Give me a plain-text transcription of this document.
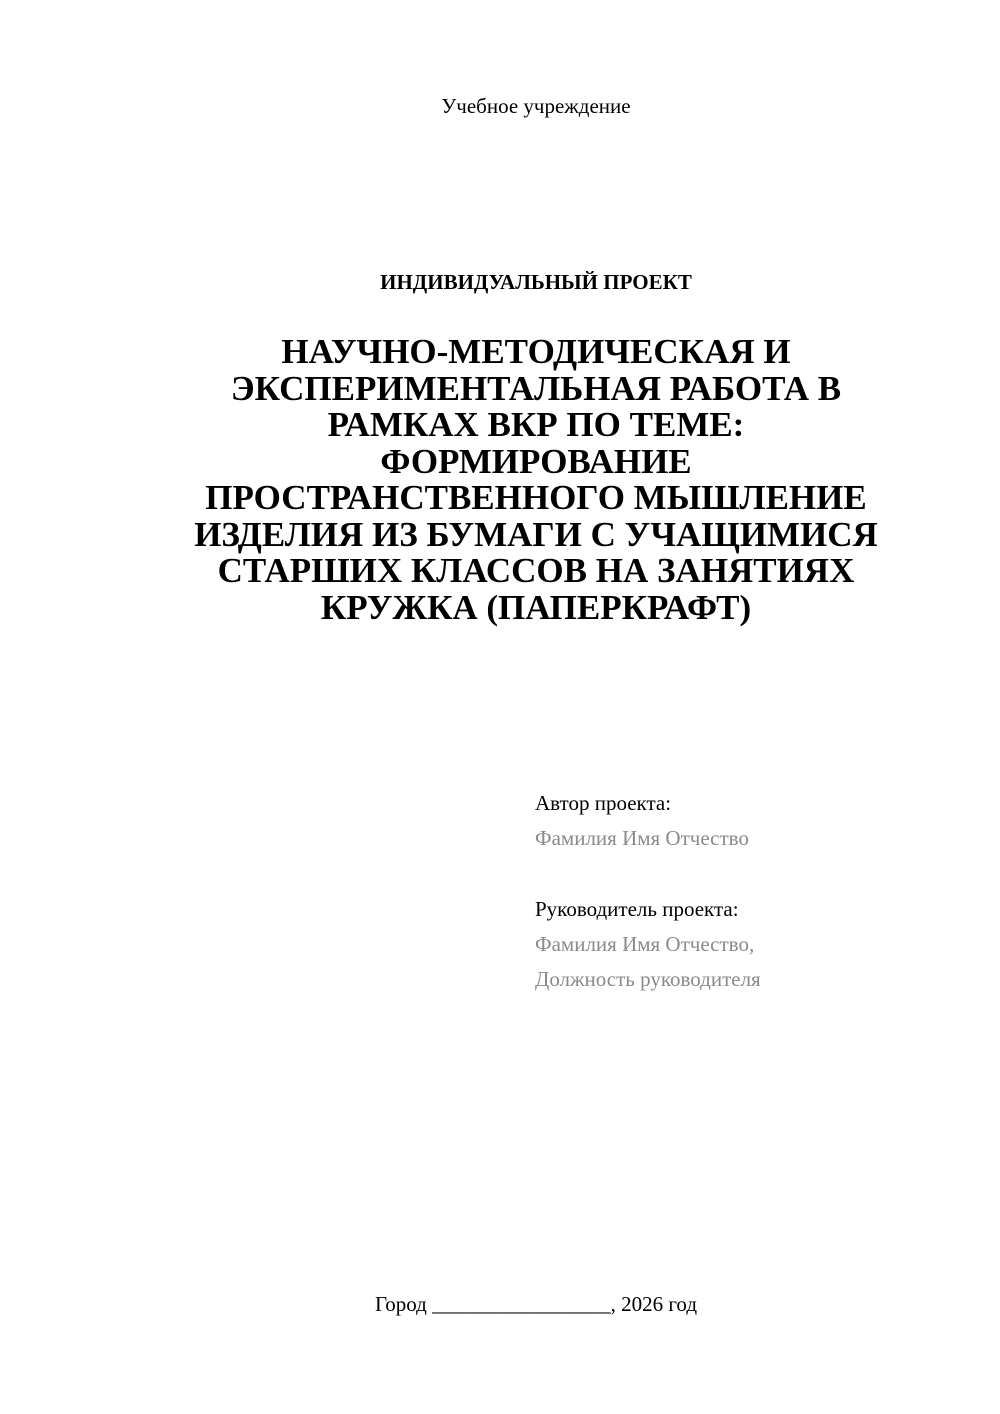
Учебное учреждение
ИНДИВИДУАЛЬНЫЙ ПРОЕКТ
НАУЧНО-МЕТОДИЧЕСКАЯ И
ЭКСПЕРИМЕНТАЛЬНАЯ РАБОТА В
РАМКАХ ВКР ПО ТЕМЕ:
ФОРМИРОВАНИЕ
ПРОСТРАНСТВЕННОГО МЫШЛЕНИЕ
ИЗДЕЛИЯ ИЗ БУМАГИ С УЧАЩИМИСЯ
СТАРШИХ КЛАССОВ НА ЗАНЯТИЯХ
КРУЖКА (ПАПЕРКРАФТ)
Автор проекта:
Фамилия Имя Отчество
Руководитель проекта:
Фамилия Имя Отчество,
Должность руководителя
Город _________________, 2026 год
